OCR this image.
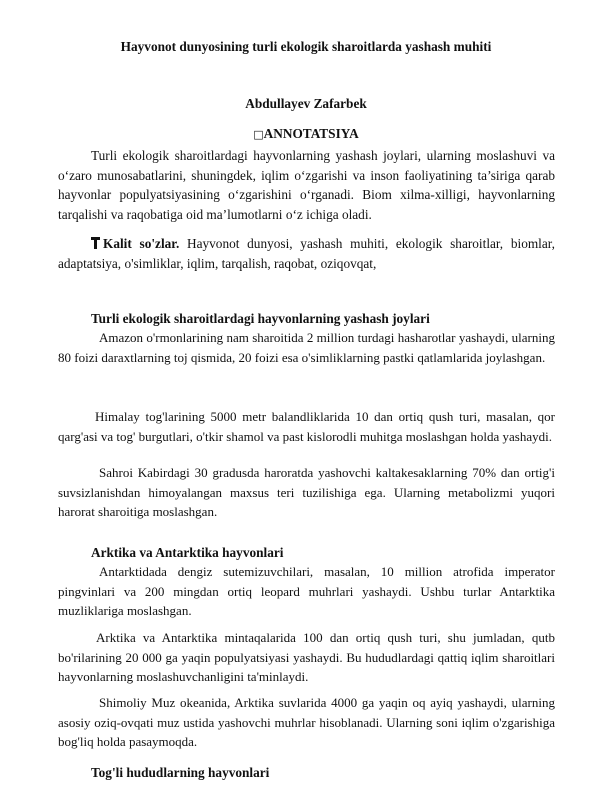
Hayvonot dunyosining turli ekologik sharoitlarda yashash muhiti
Abdullayev Zafarbek
□ANNOTATSIYA
Turli ekologik sharoitlardagi hayvonlarning yashash joylari, ularning moslashuvi va o‘zaro munosabatlarini, shuningdek, iqlim o‘zgarishi va inson faoliyatining ta’siriga qarab hayvonlar populyatsiyasining o‘zgarishini o‘rganadi. Biom xilma-xilligi, hayvonlarning tarqalishi va raqobatiga oid ma’lumotlarni o‘z ichiga oladi.
Kalit so'zlar. Hayvonot dunyosi, yashash muhiti, ekologik sharoitlar, biomlar, adaptatsiya, o'simliklar, iqlim, tarqalish, raqobat, oziqovqat,
Turli ekologik sharoitlardagi hayvonlarning yashash joylari
Amazon o'rmonlarining nam sharoitida 2 million turdagi hasharotlar yashaydi, ularning 80 foizi daraxtlarning toj qismida, 20 foizi esa o'simliklarning pastki qatlamlarida joylashgan.
Himalay tog'larining 5000 metr balandliklarida 10 dan ortiq qush turi, masalan, qor qarg'asi va tog' burgutlari, o'tkir shamol va past kislorodli muhitga moslashgan holda yashaydi.
Sahroi Kabirdagi 30 gradusda haroratda yashovchi kaltakesaklarning 70% dan ortig'i suvsizlanishdan himoyalangan maxsus teri tuzilishiga ega. Ularning metabolizmi yuqori harorat sharoitiga moslashgan.
Arktika va Antarktika hayvonlari
Antarktidada dengiz sutemizuvchilari, masalan, 10 million atrofida imperator pingvinlari va 200 mingdan ortiq leopard muhrlari yashaydi. Ushbu turlar Antarktika muzliklariga moslashgan.
Arktika va Antarktika mintaqalarida 100 dan ortiq qush turi, shu jumladan, qutb bo'rilarining 20 000 ga yaqin populyatsiyasi yashaydi. Bu hududlardagi qattiq iqlim sharoitlari hayvonlarning moslashuvchanligini ta'minlaydi.
Shimoliy Muz okeanida, Arktika suvlarida 4000 ga yaqin oq ayiq yashaydi, ularning asosiy oziq-ovqati muz ustida yashovchi muhrlar hisoblanadi. Ularning soni iqlim o'zgarishiga bog'liq holda pasaymoqda.
Tog'li hududlarning hayvonlari
